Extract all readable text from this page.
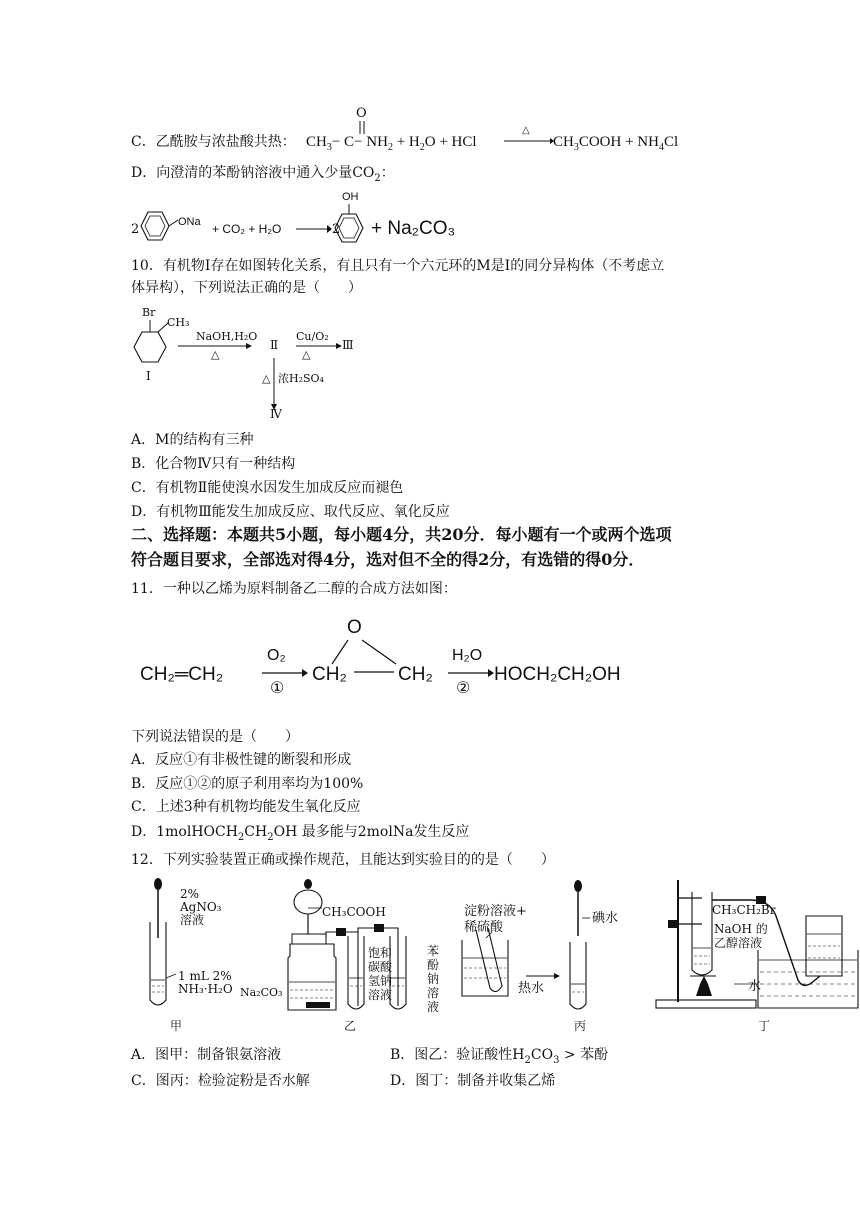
C．乙酰胺与浓盐酸共热：
O
$CH_3- C- NH_2 + H_2O$ + HCl
△
→ $CH_3COOH + NH_4Cl$
D．向澄清的苯酚钠溶液中通入少量$CO_2$：
2	ONa + CO₂ + H₂O → 2
OH
+ Na₂CO₃
10．有机物Ⅰ存在如图转化关系，有且只有一个六元环的M是Ⅰ的同分异构体（不考虑立
体异构），下列说法正确的是（　　）
Br
CH₃
Ⅰ
NaOH,H₂O
△
Ⅱ
Cu/O₂
△
Ⅲ
△ 浓H₂SO₄
Ⅳ
A．M的结构有三种
B．化合物Ⅳ只有一种结构
C．有机物Ⅱ能使溴水因发生加成反应而褪色
D．有机物Ⅲ能发生加成反应、取代反应、氧化反应
二、选择题：本题共5小题，每小题4分，共20分．每小题有一个或两个选项
符合题目要求，全部选对得4分，选对但不全的得2分，有选错的得0分．
11．一种以乙烯为原料制备乙二醇的合成方法如图：
CH₂═CH₂
O₂
①
O
CH₂	CH₂
H₂O
②
HOCH₂CH₂OH
下列说法错误的是（　　）
A．反应①有非极性键的断裂和形成
B．反应①②的原子利用率均为100%
C．上述3种有机物均能发生氧化反应
D．$1molHOCH_2CH_2OH$ 最多能与2molNa发生反应
12．下列实验装置正确或操作规范，且能达到实验目的的是（　　）
2%
AgNO₃
溶液
1 mL 2%
NH₃·H₂O
甲
CH₃COOH
Na₂CO₃
饱和
碳酸
氢钠
溶液
苯
酚
钠
溶
液
乙
淀粉溶液+
稀硫酸
碘水
热水
丙
CH₃CH₂Br
NaOH 的
乙醇溶液
水
丁
A．图甲：制备银氨溶液	B．图乙：验证酸性$H_2CO_3$ > 苯酚
C．图丙：检验淀粉是否水解	D．图丁：制备并收集乙烯
